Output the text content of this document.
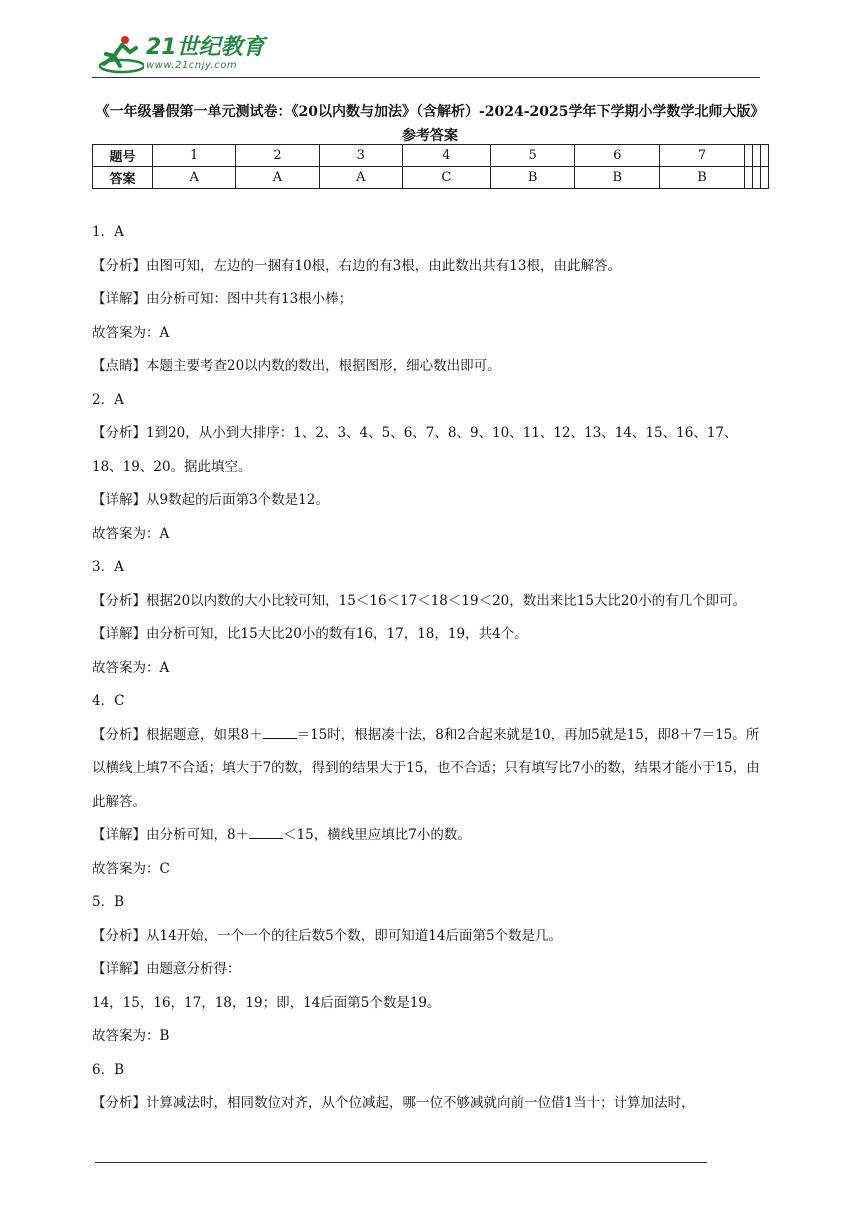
21世纪教育
www.21cnjy.com
《一年级暑假第一单元测试卷：《20以内数与加法》（含解析）-2024-2025学年下学期小学数学北师大版》参考答案
题号	1	2	3	4	5	6	7			
答案	A	A	A	C	B	B	B			

1．A

【分析】由图可知，左边的一捆有10根，右边的有3根，由此数出共有13根，由此解答。

【详解】由分析可知：图中共有13根小棒；

故答案为：A

【点睛】本题主要考查20以内数的数出，根据图形，细心数出即可。

2．A

【分析】1到20，从小到大排序：1、2、3、4、5、6、7、8、9、10、11、12、13、14、15、16、17、18、19、20。据此填空。

【详解】从9数起的后面第3个数是12。

故答案为：A

3．A

【分析】根据20以内数的大小比较可知，15＜16＜17＜18＜19＜20，数出来比15大比20小的有几个即可。

【详解】由分析可知，比15大比20小的数有16，17，18，19，共4个。

故答案为：A

4．C

【分析】根据题意，如果8＋	＝15时，根据凑十法，8和2合起来就是10，再加5就是15，即8＋7＝15。所以横线上填7不合适；填大于7的数，得到的结果大于15，也不合适；只有填写比7小的数，结果才能小于15，由此解答。

【详解】由分析可知，8＋	＜15，横线里应填比7小的数。

故答案为：C

5．B

【分析】从14开始，一个一个的往后数5个数，即可知道14后面第5个数是几。

【详解】由题意分析得：

14，15，16，17，18，19；即，14后面第5个数是19。

故答案为：B

6．B

【分析】计算减法时，相同数位对齐，从个位减起，哪一位不够减就向前一位借1当十；计算加法时，
